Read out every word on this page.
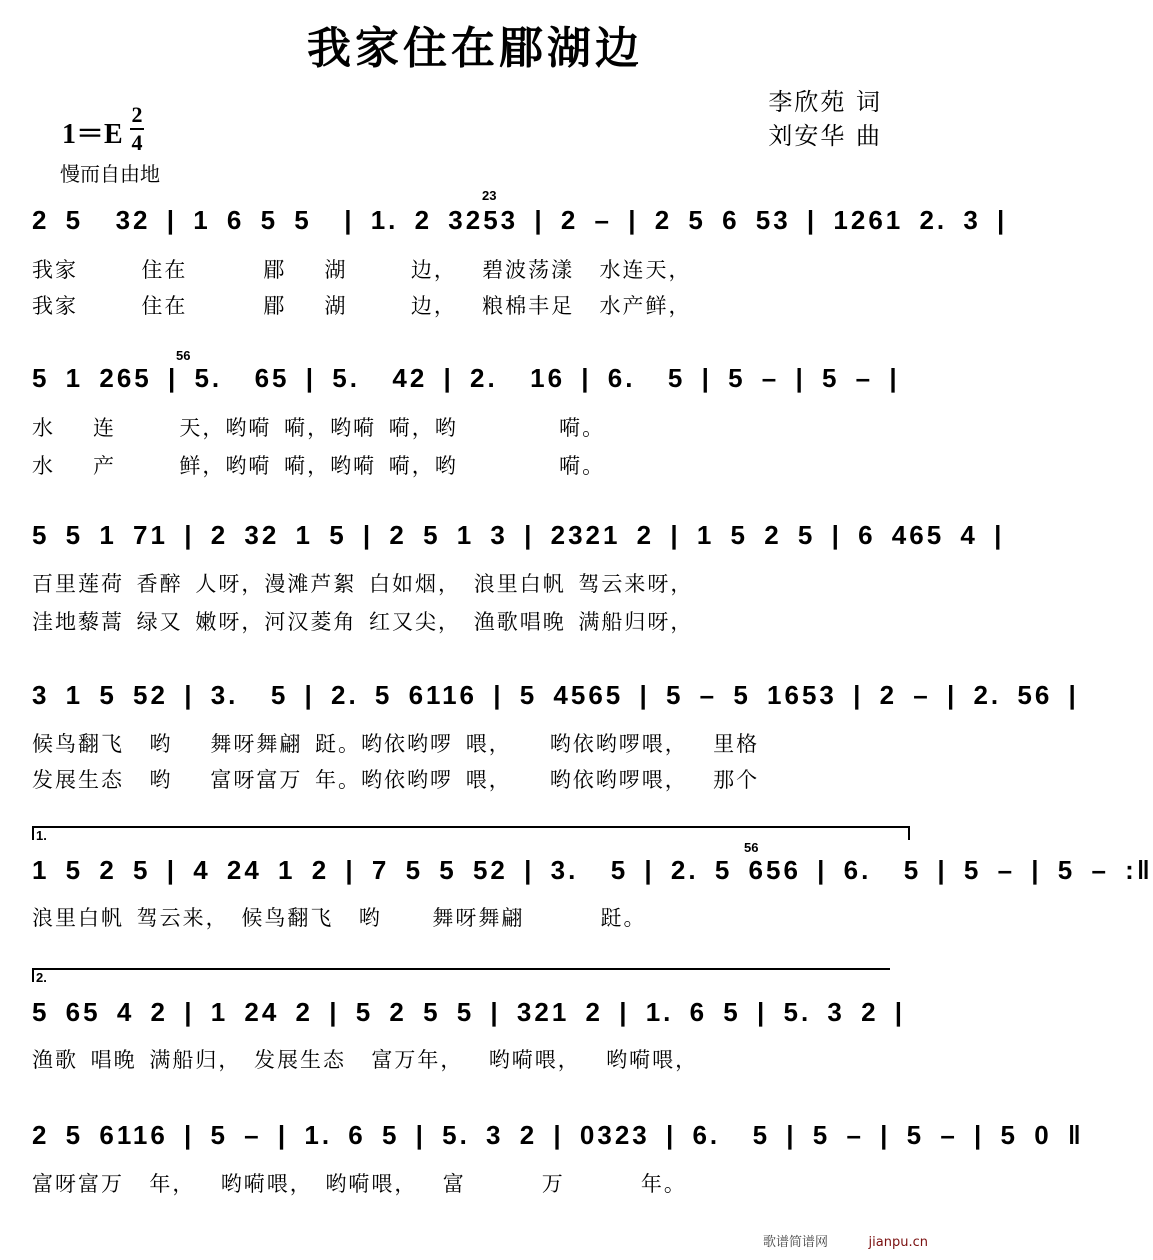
我家住在郿湖边
李欣苑 词
刘安华 曲
1＝E
2
4
慢而自由地
2 5  32 | 1 6 5 5  | 1. 2 3253 | 2 – | 2 5 6 53 | 1261 2. 3 |
23
我家     住在      郿   湖     边，  碧波荡漾  水连天，
我家     住在      郿   湖     边，  粮棉丰足  水产鲜，
5 1 265 | 5.  65 | 5.  42 | 2.  16 | 6.  5 | 5 – | 5 – |
56
水   连     天，哟嗬 嗬，哟嗬 嗬，哟        嗬。
水   产     鲜，哟嗬 嗬，哟嗬 嗬，哟        嗬。
5 5 1 71 | 2 32 1 5 | 2 5 1 3 | 2321 2 | 1 5 2 5 | 6 465 4 |
百里莲荷 香醉 人呀，漫滩芦絮 白如烟， 浪里白帆 驾云来呀，
洼地藜蒿 绿又 嫩呀，河汉菱角 红又尖， 渔歌唱晚 满船归呀，
3 1 5 52 | 3.  5 | 2. 5 6116 | 5 4565 | 5 – 5 1653 | 2 – | 2. 56 |
候鸟翻飞  哟   舞呀舞翩 跹。哟依哟啰 喂，   哟依哟啰喂，  里格
发展生态  哟   富呀富万 年。哟依哟啰 喂，   哟依哟啰喂，  那个
1.
1 5 2 5 | 4 24 1 2 | 7 5 5 52 | 3.  5 | 2. 5 656 | 6.  5 | 5 – | 5 – :‖
56
浪里白帆 驾云来， 候鸟翻飞  哟    舞呀舞翩      跹。
2.
5 65 4 2 | 1 24 2 | 5 2 5 5 | 321 2 | 1. 6 5 | 5. 3 2 |
渔歌 唱晚 满船归， 发展生态  富万年，  哟嗬喂，  哟嗬喂，
2 5 6116 | 5 – | 1. 6 5 | 5. 3 2 | 0323 | 6.  5 | 5 – | 5 – | 5 0 ‖
富呀富万  年，  哟嗬喂， 哟嗬喂，  富      万      年。
歌谱简谱网	jianpu.cn
